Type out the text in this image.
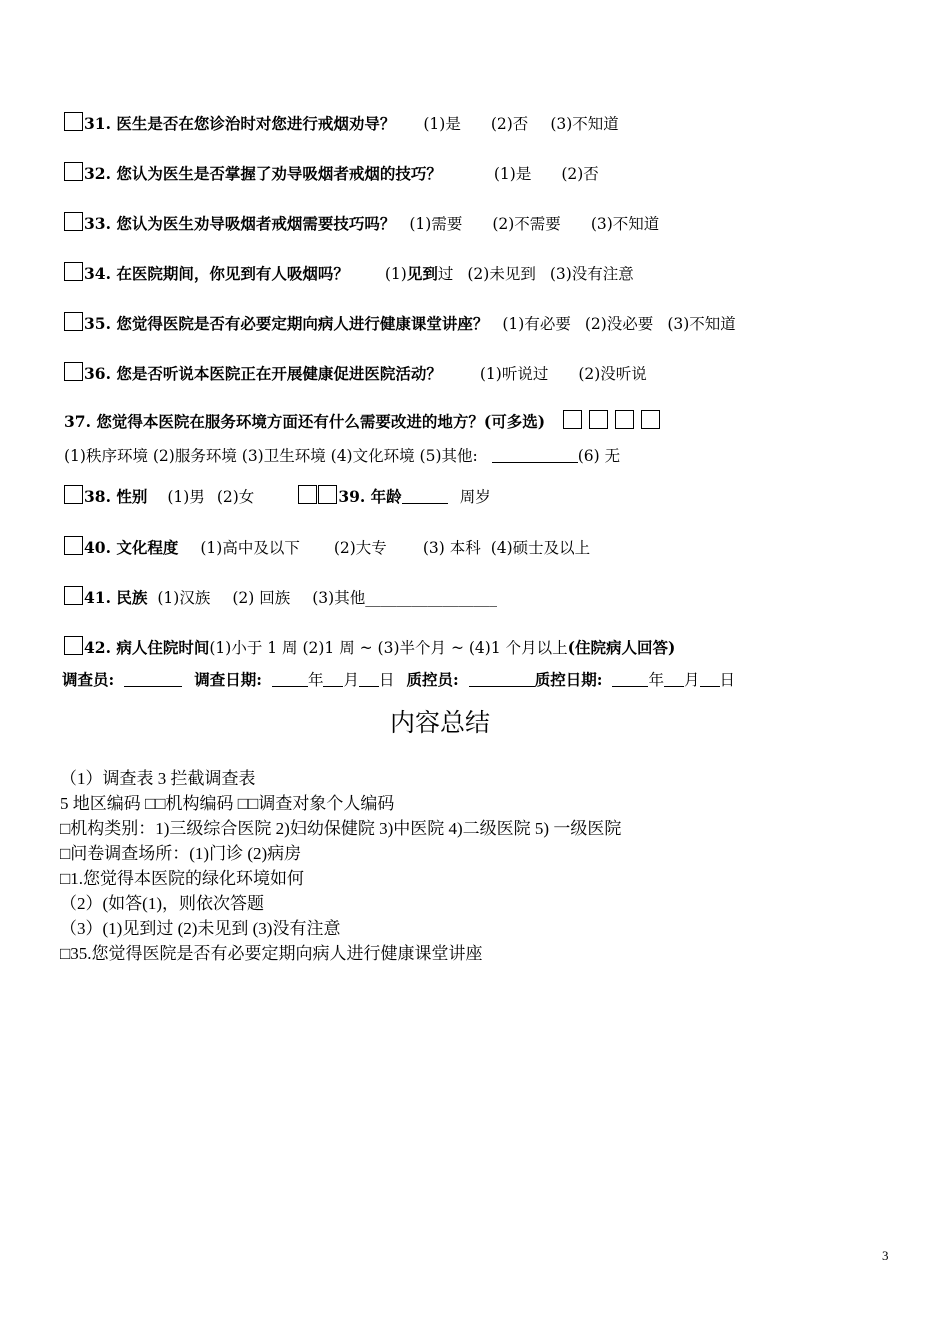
31. 医生是否在您诊治时对您进行戒烟劝导？ (1)是 (2)否 (3)不知道
32. 您认为医生是否掌握了劝导吸烟者戒烟的技巧？	(1)是 (2)否
33. 您认为医生劝导吸烟者戒烟需要技巧吗？ (1)需要 (2)不需要 (3)不知道
34. 在医院期间，你见到有人吸烟吗？ (1)见到过 (2)未见到 (3)没有注意
35. 您觉得医院是否有必要定期向病人进行健康课堂讲座？ (1)有必要 (2)没必要 (3)不知道
36. 您是否听说本医院正在开展健康促进医院活动？ (1)听说过 (2)没听说
37. 您觉得本医院在服务环境方面还有什么需要改进的地方？(可多选)
(1)秩序环境 (2)服务环境 (3)卫生环境 (4)文化环境 (5)其他:	(6) 无
38. 性别 (1)男 (2)女	39. 年龄	周岁
40. 文化程度 (1)高中及以下 (2)大专 (3) 本科 (4)硕士及以上
41. 民族 (1)汉族 (2) 回族 (3)其他_________________
42. 病人住院时间(1)小于 1 周 (2)1 周 ~ (3)半个月 ~ (4)1 个月以上(住院病人回答)
调查员:	调查日期:	年 月 日 质控员:	质控日期:	年 月 日
内容总结
（1）调查表 3 拦截调查表
5 地区编码 □□机构编码 □□调查对象个人编码
□机构类别：1)三级综合医院 2)妇幼保健院 3)中医院 4)二级医院 5) 一级医院
□问卷调查场所：(1)门诊 (2)病房
□1.您觉得本医院的绿化环境如何
（2）(如答(1)，则依次答题
（3）(1)见到过 (2)未见到 (3)没有注意
□35.您觉得医院是否有必要定期向病人进行健康课堂讲座
3
